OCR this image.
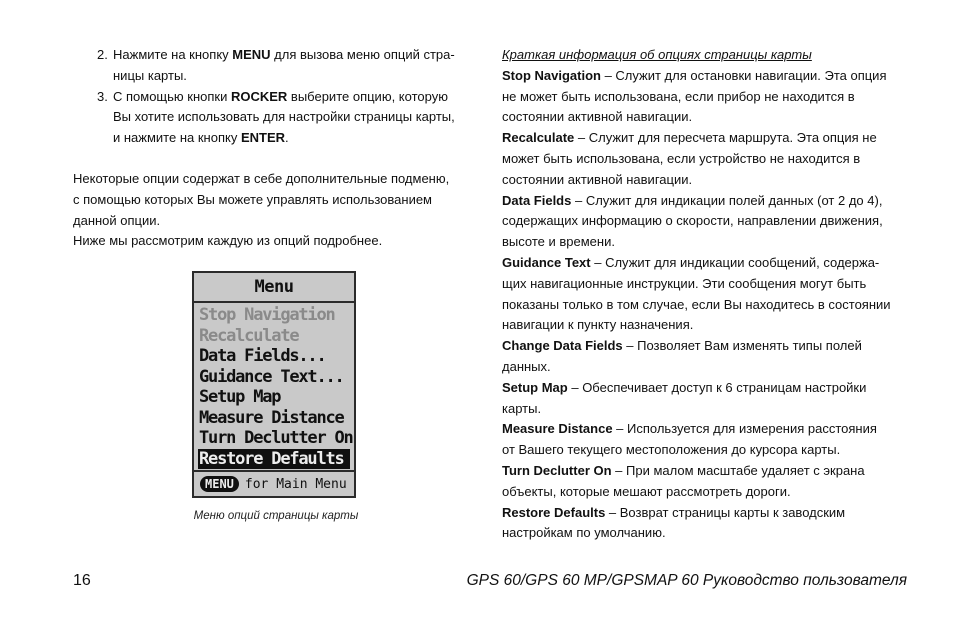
2. Нажмите на кнопку MENU для вызова меню опций стра-
ницы карты.
3. С помощью кнопки ROCKER выберите опцию, которую
Вы хотите использовать для настройки страницы карты,
и нажмите на кнопку ENTER.
Некоторые опции содержат в себе дополнительные подменю,
с помощью которых Вы можете управлять использованием
данной опции.
Ниже мы рассмотрим каждую из опций подробнее.
Menu
Stop Navigation
Recalculate
Data Fields...
Guidance Text...
Setup Map
Measure Distance
Turn Declutter On
Restore Defaults
MENU for Main Menu
Меню опций страницы карты
Краткая информация об опциях страницы карты
Stop Navigation – Служит для остановки навигации. Эта опция
не может быть использована, если прибор не находится в
состоянии активной навигации.
Recalculate – Служит для пересчета маршрута. Эта опция не
может быть использована, если устройство не находится в
состоянии активной навигации.
Data Fields – Служит для индикации полей данных (от 2 до 4),
содержащих информацию о скорости, направлении движения,
высоте и времени.
Guidance Text – Служит для индикации сообщений, содержа-
щих навигационные инструкции. Эти сообщения могут быть
показаны только в том случае, если Вы находитесь в состоянии
навигации к пункту назначения.
Change Data Fields – Позволяет Вам изменять типы полей
данных.
Setup Map – Обеспечивает доступ к 6 страницам настройки
карты.
Measure Distance – Используется для измерения расстояния
от Вашего текущего местоположения до курсора карты.
Turn Declutter On – При малом масштабе удаляет с экрана
объекты, которые мешают рассмотреть дороги.
Restore Defaults – Возврат страницы карты к заводским
настройкам по умолчанию.
16	GPS 60/GPS 60 MP/GPSMAP 60 Руководство пользователя
